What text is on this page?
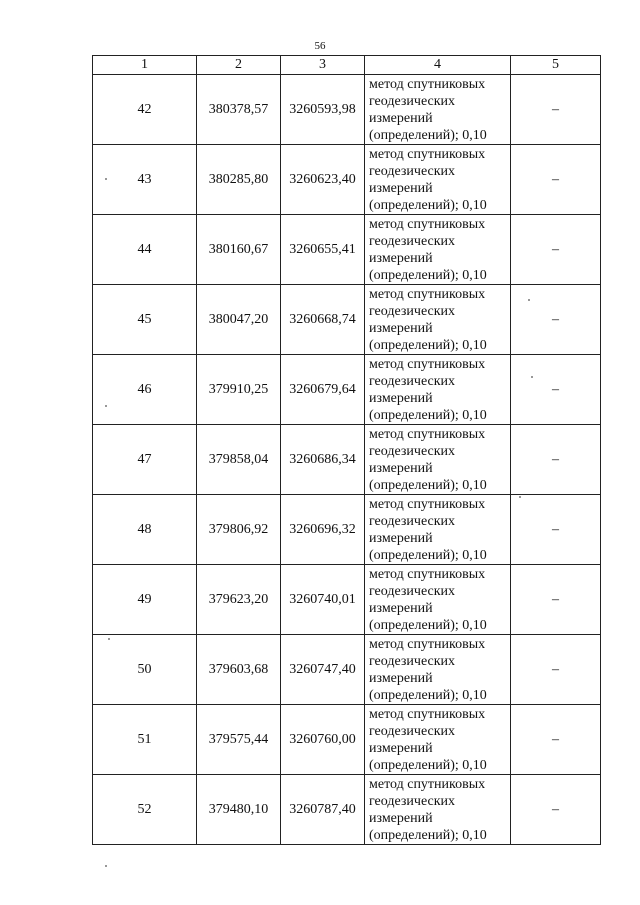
56
1	2	3	4	5
42	380378,57	3260593,98	метод спутниковых
геодезических
измерений
(определений); 0,10	–
43	380285,80	3260623,40	метод спутниковых
геодезических
измерений
(определений); 0,10	–
44	380160,67	3260655,41	метод спутниковых
геодезических
измерений
(определений); 0,10	–
45	380047,20	3260668,74	метод спутниковых
геодезических
измерений
(определений); 0,10	–
46	379910,25	3260679,64	метод спутниковых
геодезических
измерений
(определений); 0,10	–
47	379858,04	3260686,34	метод спутниковых
геодезических
измерений
(определений); 0,10	–
48	379806,92	3260696,32	метод спутниковых
геодезических
измерений
(определений); 0,10	–
49	379623,20	3260740,01	метод спутниковых
геодезических
измерений
(определений); 0,10	–
50	379603,68	3260747,40	метод спутниковых
геодезических
измерений
(определений); 0,10	–
51	379575,44	3260760,00	метод спутниковых
геодезических
измерений
(определений); 0,10	–
52	379480,10	3260787,40	метод спутниковых
геодезических
измерений
(определений); 0,10	–
